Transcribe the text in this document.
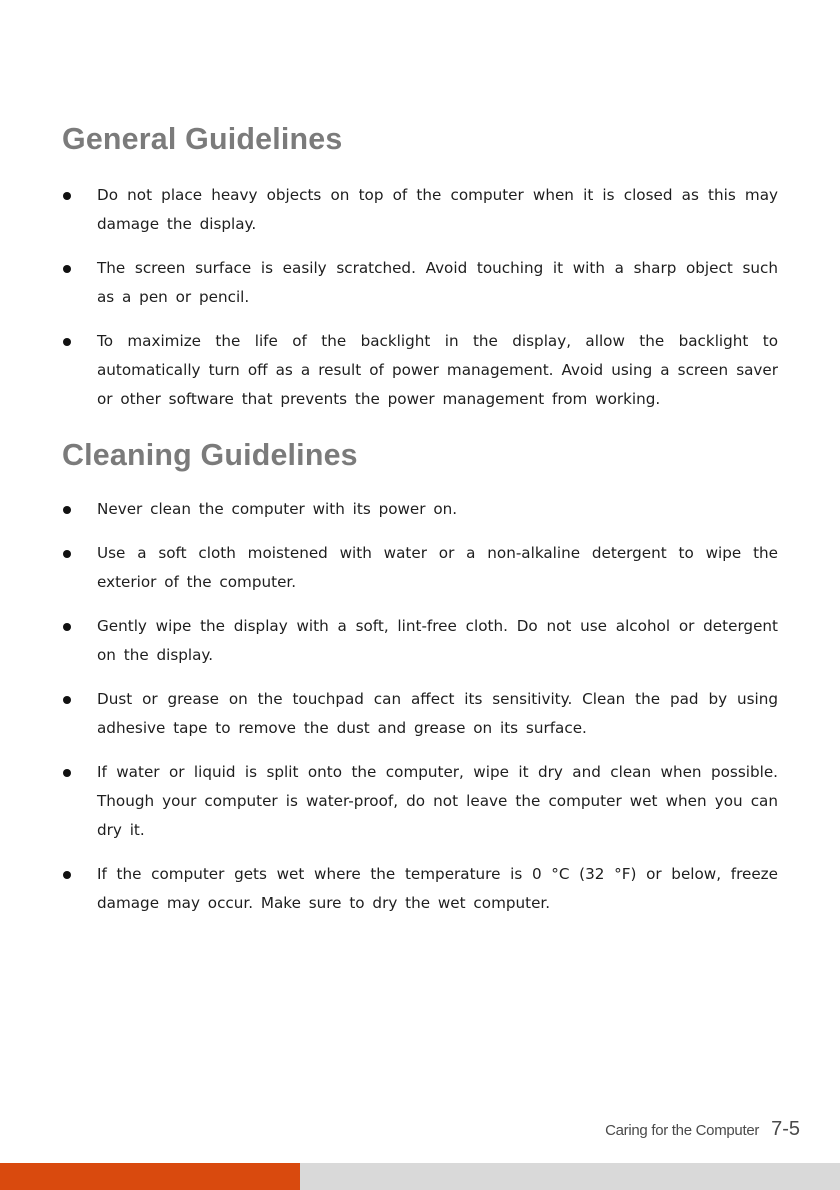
General Guidelines
Do not place heavy objects on top of the computer when it is closed as this may damage the display.
The screen surface is easily scratched. Avoid touching it with a sharp object such as a pen or pencil.
To maximize the life of the backlight in the display, allow the backlight to automatically turn off as a result of power management. Avoid using a screen saver or other software that prevents the power management from working.
Cleaning Guidelines
Never clean the computer with its power on.
Use a soft cloth moistened with water or a non-alkaline detergent to wipe the exterior of the computer.
Gently wipe the display with a soft, lint-free cloth. Do not use alcohol or detergent on the display.
Dust or grease on the touchpad can affect its sensitivity. Clean the pad by using adhesive tape to remove the dust and grease on its surface.
If water or liquid is split onto the computer, wipe it dry and clean when possible. Though your computer is water-proof, do not leave the computer wet when you can dry it.
If the computer gets wet where the temperature is 0 °C (32 °F) or below, freeze damage may occur. Make sure to dry the wet computer.
Caring for the Computer 7-5
